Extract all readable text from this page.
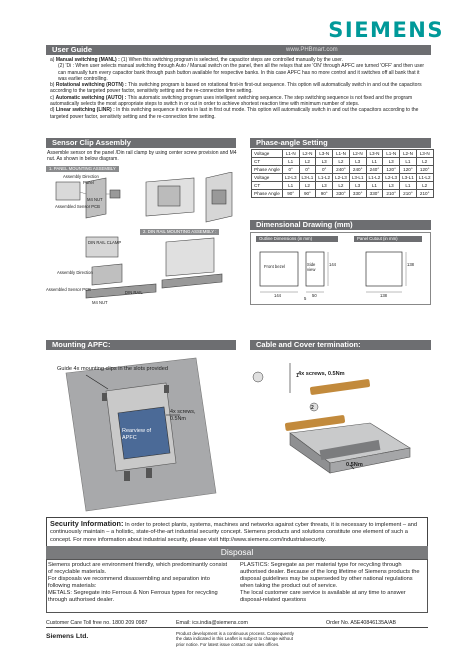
SIEMENS
User Guide	www.PHBmart.com
a) Manual switching (MANL) : (1) When this switching program is selected, the capacitor steps are controlled manually by the user.
(2) 'Di : When user selects manual switching through Auto / Manual switch on the panel, then all the relays that are 'ON' through APFC are turned 'OFF' and then user can manually turn every capacitor bank through push button available for respective banks. In this case APFC has no more control and it switches off all bank that it was earlier controlling.
b) Rotational switching (ROTN) : This switching program is based on rotational first-in first-out sequence. This option will automatically switch in and out the capacitors according to the targeted power factor, sensitivity setting and the re-connection time setting.
c) Automatic switching (AUTO) : This automatic switching program uses intelligent switching sequence. The step switching sequence is not fixed and the program automatically selects the most appropriate steps to switch in or out in order to achieve shortest reaction time with minimum number of steps.
d) Linear switching (LINR) : In this switching sequence it works in last in first out mode. This option will automatically switch in and out the capacitors according to the targeted power factor, sensitivity setting and the re-connection time setting.
Sensor Clip Assembly
Assemble sensor on the panel /Din rail clamp by using center screw provision and M4 nut. As shown in below diagram.
1. PANEL MOUNTING ASSEMBLY
Assembly Direction
M4 NUT
Assembled Sensor PCB
Panel
2. DIN RAIL MOUNTING ASSEMBLY :
DIN RAIL CLAMP
DIN RAIL
M4 NUT
Assembly Direction
Assembled Sensor PCB
Phase-angle Setting
Voltage	L1-N	L2-N	L3-N	L1-N	L2-N	L3-N	L1-N	L2-N	L3-N
CT	L1	L2	L3	L2	L3	L1	L3	L1	L2
Phase Angle	0°	0°	0°	240°	240°	240°	120°	120°	120°
Voltage	L2-L3	L3-L1	L1-L2	L2-L3	L3-L1	L1-L2	L2-L3	L3-L1	L1-L2
CT	L1	L2	L3	L2	L3	L1	L3	L1	L2
Phase Angle	90°	90°	90°	330°	330°	330°	210°	210°	210°
Dimensional Drawing (mm)
Outline Dimensions (in mm)	Panel Cutout (in mm)
Front bezel	Side view
144	50
5
144
138
138
Mounting APFC:
Guide 4x mounting clips in the slots provided
4x screws, 0.5Nm
Rearview of APFC
Cable and Cover termination:
4x screws, 0.5Nm
0.5Nm
1
2
Security Information: In order to protect plants, systems, machines and networks against cyber threats, it is necessary to implement – and continuously maintain – a holistic, state-of-the-art industrial security concept. Siemens products and solutions constitute one element of such a concept. For more information about industrial security, please visit http://www.siemens.com/industrialsecurity.
Disposal
Siemens product are environment friendly, which predominantly consist of recyclable materials.
For disposals we recommend disassembling and separation into following materials:
METALS: Segregate into Ferrous & Non Ferrous types for recycling through authorised dealer.
PLASTICS: Segregate as per material type for recycling through authorised dealer. Because of the long lifetime of Siemens products the disposal guidelines may be superseded by other national regulations when taking the product out of service.
The local customer care service is available at any time to answer disposal-related questions
Customer Care Toll free no. 1800 209 0987	Email: ics.india@siemens.com	Order No. A5E40846135A/AB
Siemens Ltd.	Product development is a continuous process. Consequently the data indicated in this Leaflet is subject to change without prior notice. For latest issue contact our sales offices.
